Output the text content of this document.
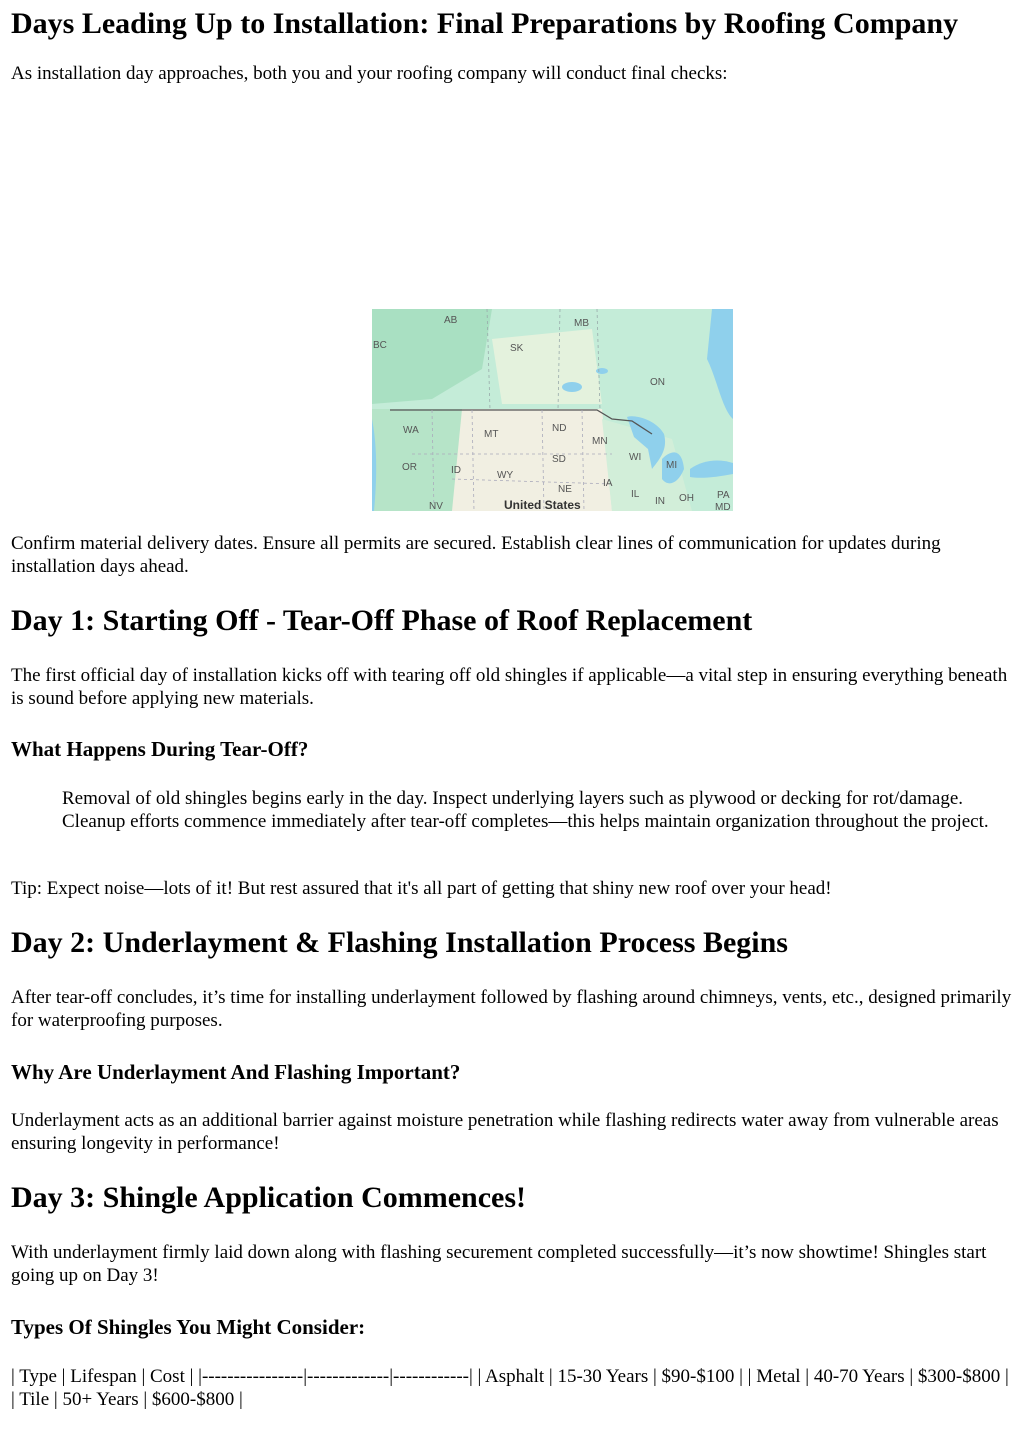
Days Leading Up to Installation: Final Preparations by Roofing Company

As installation day approaches, both you and your roofing company will conduct final checks:

AB	MB
BC	SK
ON
WA	MT
ND
MN
WI
OR	ID	WY
SD
MI
NE
IA
IL
IN OH PA
MD
NV	United States

Confirm material delivery dates. Ensure all permits are secured. Establish clear lines of communication for updates during installation days ahead.

Day 1: Starting Off - Tear-Off Phase of Roof Replacement

The first official day of installation kicks off with tearing off old shingles if applicable—a vital step in ensuring everything beneath is sound before applying new materials.

What Happens During Tear-Off?

Removal of old shingles begins early in the day. Inspect underlying layers such as plywood or decking for rot/damage. Cleanup efforts commence immediately after tear-off completes—this helps maintain organization throughout the project.

Tip: Expect noise—lots of it! But rest assured that it's all part of getting that shiny new roof over your head!

Day 2: Underlayment & Flashing Installation Process Begins

After tear-off concludes, it’s time for installing underlayment followed by flashing around chimneys, vents, etc., designed primarily for waterproofing purposes.

Why Are Underlayment And Flashing Important?

Underlayment acts as an additional barrier against moisture penetration while flashing redirects water away from vulnerable areas ensuring longevity in performance!

Day 3: Shingle Application Commences!

With underlayment firmly laid down along with flashing securement completed successfully—it’s now showtime! Shingles start going up on Day 3!

Types Of Shingles You Might Consider:

| Type | Lifespan | Cost | |----------------|-------------|------------| | Asphalt | 15-30 Years | $90-$100 | | Metal | 40-70 Years | $300-$800 | | Tile | 50+ Years | $600-$800 |
